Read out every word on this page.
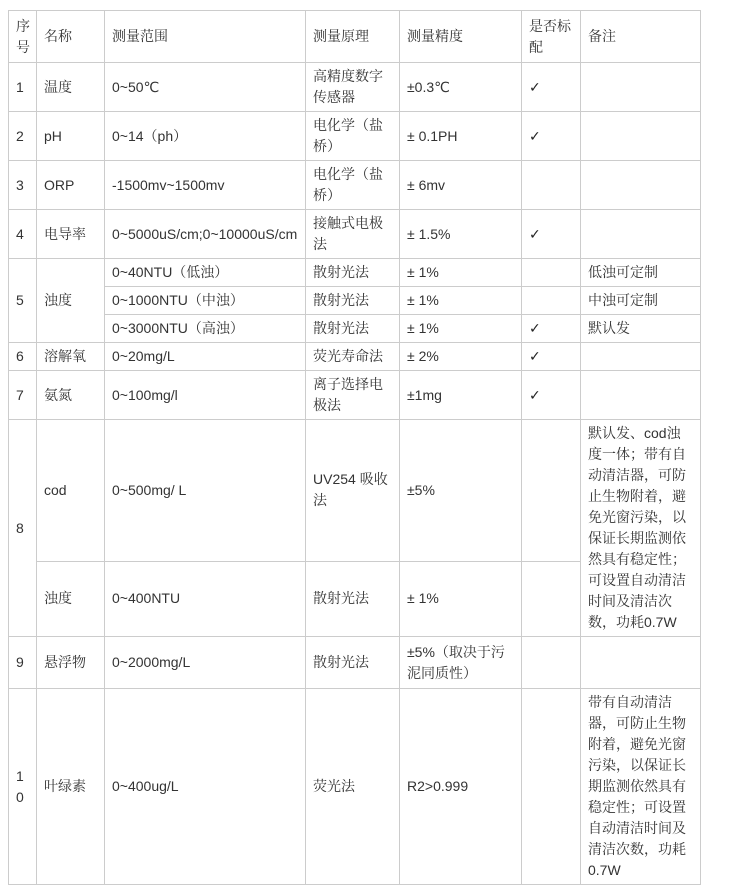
序号	名称	测量范围	测量原理	测量精度	是否标配	备注
1	温度	0~50℃	高精度数字传感器	±0.3℃	✓	
2	pH	0~14（ph）	电化学（盐桥）	± 0.1PH	✓	
3	ORP	-1500mv~1500mv	电化学（盐桥）	± 6mv		
4	电导率	0~5000uS/cm;0~10000uS/cm	接触式电极法	± 1.5%	✓	
5	浊度	0~40NTU（低浊）	散射光法	± 1%		低浊可定制
		0~1000NTU（中浊）	散射光法	± 1%		中浊可定制
		0~3000NTU（高浊）	散射光法	± 1%	✓	默认发
6	溶解氧	0~20mg/L	荧光寿命法	± 2%	✓	
7	氨氮	0~100mg/l	离子选择电极法	±1mg	✓	
8	cod	0~500mg/ L	UV254 吸收法	±5%		默认发、cod浊度一体；带有自动清洁器，可防止生物附着，避免光窗污染，以保证长期监测依然具有稳定性；可设置自动清洁时间及清洁次数，功耗0.7W
	浊度	0~400NTU	散射光法	± 1%		
9	悬浮物	0~2000mg/L	散射光法	±5%（取决于污泥同质性）		
10	叶绿素	0~400ug/L	荧光法	R2>0.999		带有自动清洁器，可防止生物附着，避免光窗污染，以保证长期监测依然具有稳定性；可设置自动清洁时间及清洁次数，功耗0.7W
